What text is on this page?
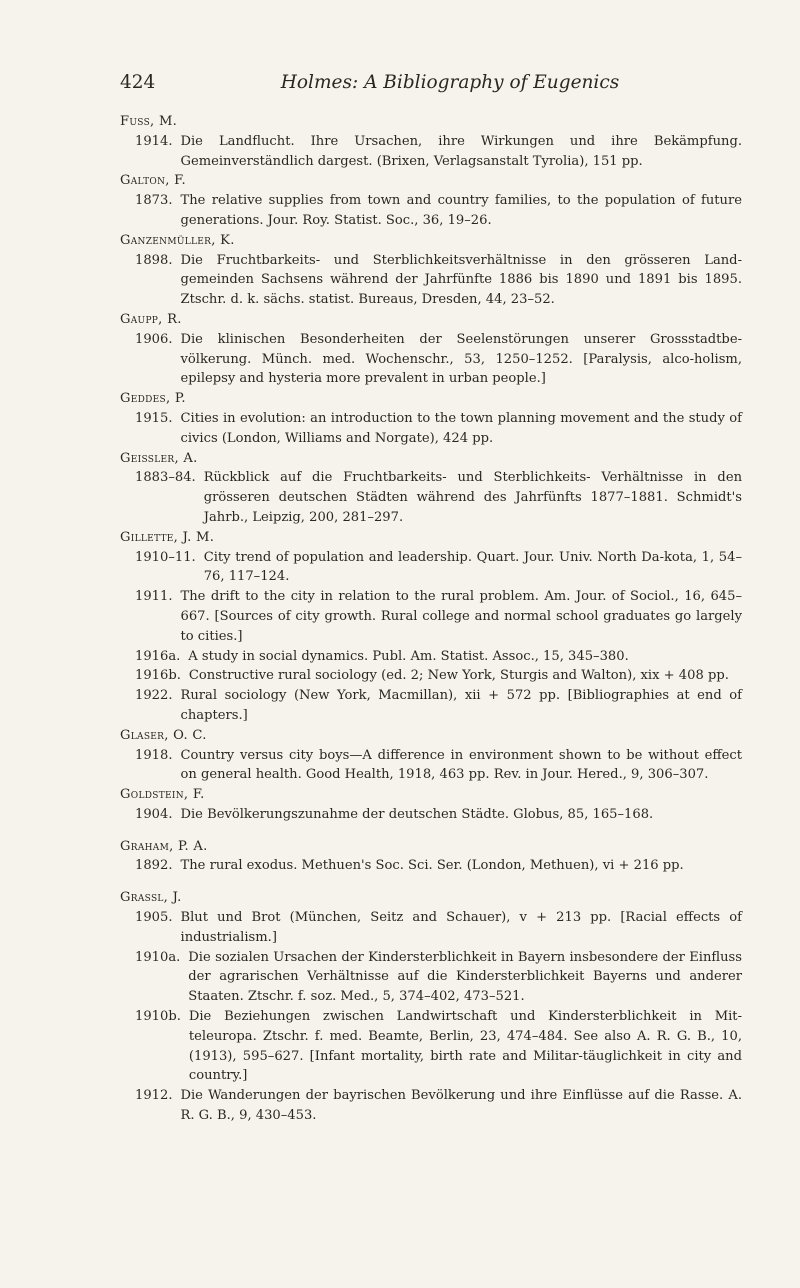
424	Holmes: A Bibliography of Eugenics
Fuss, M.
1914. Die Landflucht. Ihre Ursachen, ihre Wirkungen und ihre Bekämpfung. Gemeinverständlich dargest. (Brixen, Verlagsanstalt Tyrolia), 151 pp.
Galton, F.
1873. The relative supplies from town and country families, to the population of future generations. Jour. Roy. Statist. Soc., 36, 19–26.
Ganzenmüller, K.
1898. Die Fruchtbarkeits- und Sterblichkeitsverhältnisse in den grösseren Land-gemeinden Sachsens während der Jahrfünfte 1886 bis 1890 und 1891 bis 1895. Ztschr. d. k. sächs. statist. Bureaus, Dresden, 44, 23–52.
Gaupp, R.
1906. Die klinischen Besonderheiten der Seelenstörungen unserer Grossstadtbe-völkerung. Münch. med. Wochenschr., 53, 1250–1252. [Paralysis, alco-holism, epilepsy and hysteria more prevalent in urban people.]
Geddes, P.
1915. Cities in evolution: an introduction to the town planning movement and the study of civics (London, Williams and Norgate), 424 pp.
Geissler, A.
1883–84. Rückblick auf die Fruchtbarkeits- und Sterblichkeits- Verhältnisse in den grösseren deutschen Städten während des Jahrfünfts 1877–1881. Schmidt's Jahrb., Leipzig, 200, 281–297.
Gillette, J. M.
1910–11. City trend of population and leadership. Quart. Jour. Univ. North Da-kota, 1, 54–76, 117–124.
1911. The drift to the city in relation to the rural problem. Am. Jour. of Sociol., 16, 645–667. [Sources of city growth. Rural college and normal school graduates go largely to cities.]
1916a. A study in social dynamics. Publ. Am. Statist. Assoc., 15, 345–380.
1916b. Constructive rural sociology (ed. 2; New York, Sturgis and Walton), xix + 408 pp.
1922. Rural sociology (New York, Macmillan), xii + 572 pp. [Bibliographies at end of chapters.]
Glaser, O. C.
1918. Country versus city boys—A difference in environment shown to be without effect on general health. Good Health, 1918, 463 pp. Rev. in Jour. Hered., 9, 306–307.
Goldstein, F.
1904. Die Bevölkerungszunahme der deutschen Städte. Globus, 85, 165–168.
Graham, P. A.
1892. The rural exodus. Methuen's Soc. Sci. Ser. (London, Methuen), vi + 216 pp.
Grassl, J.
1905. Blut und Brot (München, Seitz and Schauer), v + 213 pp. [Racial effects of industrialism.]
1910a. Die sozialen Ursachen der Kindersterblichkeit in Bayern insbesondere der Einfluss der agrarischen Verhältnisse auf die Kindersterblichkeit Bayerns und anderer Staaten. Ztschr. f. soz. Med., 5, 374–402, 473–521.
1910b. Die Beziehungen zwischen Landwirtschaft und Kindersterblichkeit in Mit-teleuropa. Ztschr. f. med. Beamte, Berlin, 23, 474–484. See also A. R. G. B., 10, (1913), 595–627. [Infant mortality, birth rate and Militar-täuglichkeit in city and country.]
1912. Die Wanderungen der bayrischen Bevölkerung und ihre Einflüsse auf die Rasse. A. R. G. B., 9, 430–453.
